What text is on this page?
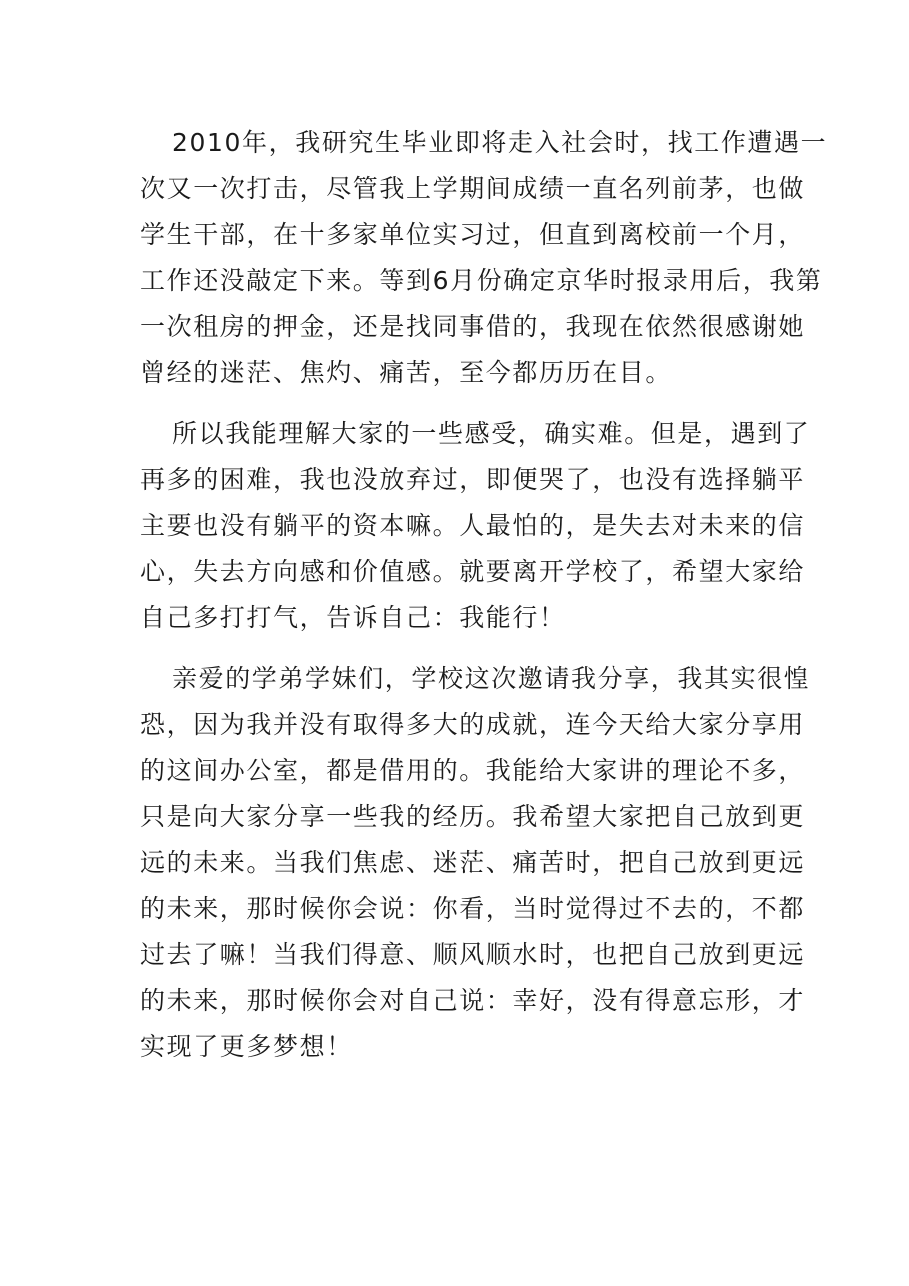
2010年，我研究生毕业即将走入社会时，找工作遭遇一
次又一次打击，尽管我上学期间成绩一直名列前茅，也做
学生干部，在十多家单位实习过，但直到离校前一个月，
工作还没敲定下来。等到6月份确定京华时报录用后，我第
一次租房的押金，还是找同事借的，我现在依然很感谢她
曾经的迷茫、焦灼、痛苦，至今都历历在目。

所以我能理解大家的一些感受，确实难。但是，遇到了
再多的困难，我也没放弃过，即便哭了，也没有选择躺平
主要也没有躺平的资本嘛。人最怕的，是失去对未来的信
心，失去方向感和价值感。就要离开学校了，希望大家给
自己多打打气，告诉自己：我能行！

亲爱的学弟学妹们，学校这次邀请我分享，我其实很惶
恐，因为我并没有取得多大的成就，连今天给大家分享用
的这间办公室，都是借用的。我能给大家讲的理论不多，
只是向大家分享一些我的经历。我希望大家把自己放到更
远的未来。当我们焦虑、迷茫、痛苦时，把自己放到更远
的未来，那时候你会说：你看，当时觉得过不去的，不都
过去了嘛！当我们得意、顺风顺水时，也把自己放到更远
的未来，那时候你会对自己说：幸好，没有得意忘形，才
实现了更多梦想！
